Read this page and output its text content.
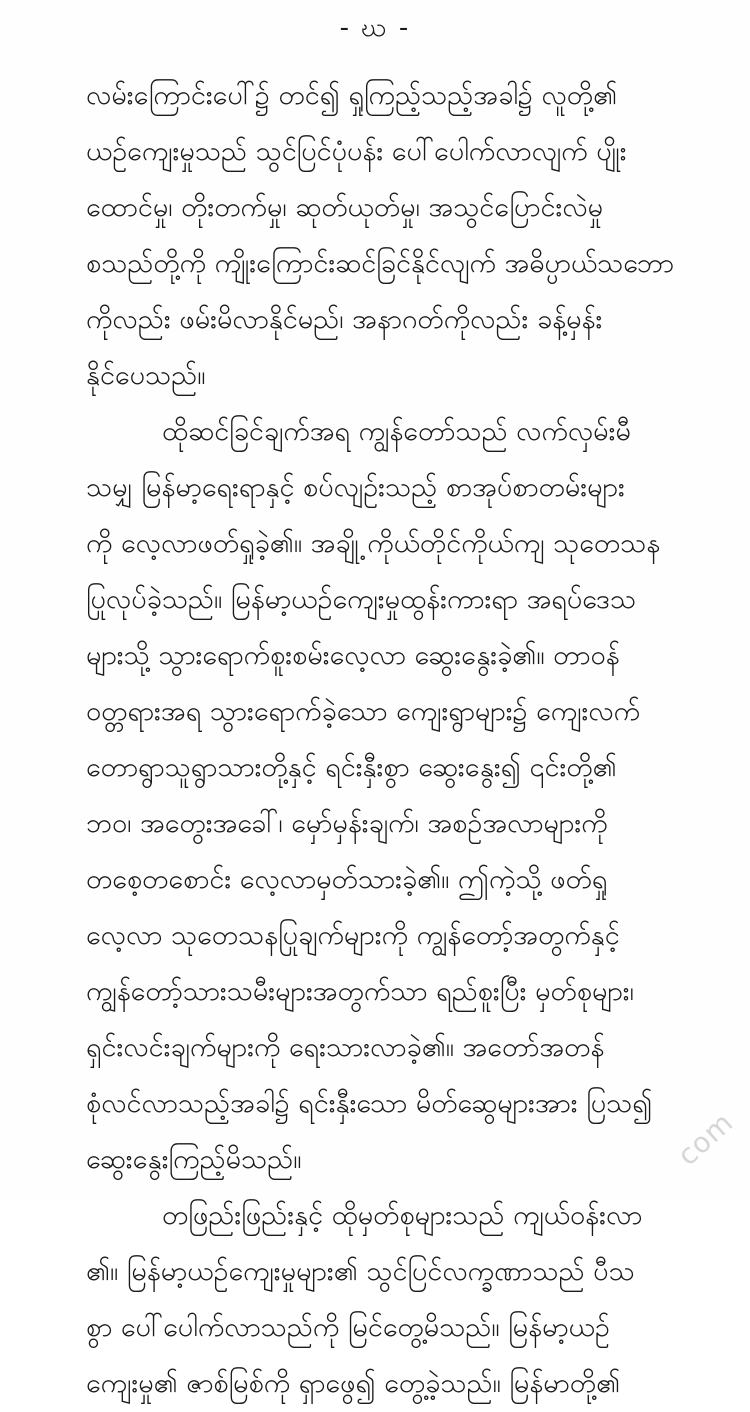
- ဃ -
လမ်းကြောင်းပေါ်၌ တင်၍ ရှုကြည့်သည့်အခါ၌ လူတို့၏
ယဉ်ကျေးမှုသည် သွင်ပြင်ပုံပန်း ပေါ်ပေါက်လာလျက် ပျိုး
ထောင်မှု၊ တိုးတက်မှု၊ ဆုတ်ယုတ်မှု၊ အသွင်ပြောင်းလဲမှု
စသည်တို့ကို ကျိုးကြောင်းဆင်ခြင်နိုင်လျက် အဓိပ္ပာယ်သဘော
ကိုလည်း ဖမ်းမိလာနိုင်မည်၊ အနာဂတ်ကိုလည်း ခန့်မှန်း
နိုင်ပေသည်။
ထိုဆင်ခြင်ချက်အရ ကျွန်တော်သည် လက်လှမ်းမီ
သမျှ မြန်မာ့ရေးရာနှင့် စပ်လျဉ်းသည့် စာအုပ်စာတမ်းများ
ကို လေ့လာဖတ်ရှုခဲ့၏။ အချို့ ကိုယ်တိုင်ကိုယ်ကျ သုတေသန
ပြုလုပ်ခဲ့သည်။ မြန်မာ့ယဉ်ကျေးမှုထွန်းကားရာ အရပ်ဒေသ
များသို့ သွားရောက်စူးစမ်းလေ့လာ ဆွေးနွေးခဲ့၏။ တာဝန်
ဝတ္တရားအရ သွားရောက်ခဲ့သော ကျေးရွာများ၌ ကျေးလက်
တောရွာသူရွာသားတို့နှင့် ရင်းနှီးစွာ ဆွေးနွေး၍ ၎င်းတို့၏
ဘဝ၊ အတွေးအခေါ်၊ မှော်မှန်းချက်၊ အစဉ်အလာများကို
တစေ့တစောင်း လေ့လာမှတ်သားခဲ့၏။ ဤကဲ့သို့ ဖတ်ရှု
လေ့လာ သုတေသနပြုချက်များကို ကျွန်တော့်အတွက်နှင့်
ကျွန်တော့်သားသမီးများအတွက်သာ ရည်စူးပြီး မှတ်စုများ၊
ရှင်းလင်းချက်များကို ရေးသားလာခဲ့၏။ အတော်အတန်
စုံလင်လာသည့်အခါ၌ ရင်းနှီးသော မိတ်ဆွေများအား ပြသ၍
ဆွေးနွေးကြည့်မိသည်။
တဖြည်းဖြည်းနှင့် ထိုမှတ်စုများသည် ကျယ်ဝန်းလာ
၏။ မြန်မာ့ယဉ်ကျေးမှုများ၏ သွင်ပြင်လက္ခဏာသည် ပီသ
စွာ ပေါ်ပေါက်လာသည်ကို မြင်တွေ့မိသည်။ မြန်မာ့ယဉ်
ကျေးမှု၏ ဇာစ်မြစ်ကို ရှာဖွေ၍ တွေ့ခဲ့သည်။ မြန်မာတို့၏
com
